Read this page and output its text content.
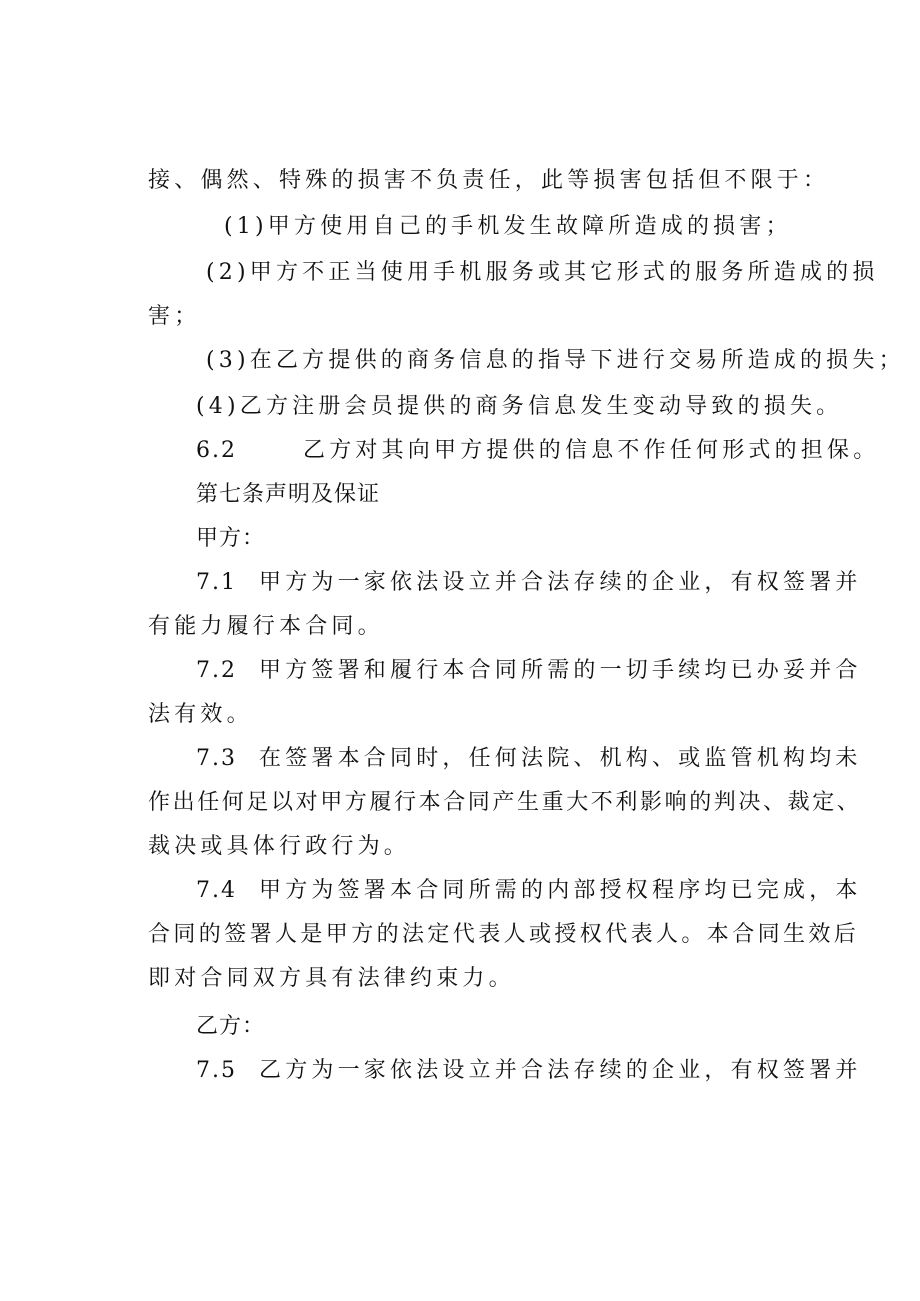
接、偶然、特殊的损害不负责任，此等损害包括但不限于：
(1)甲方使用自己的手机发生故障所造成的损害；
(2)甲方不正当使用手机服务或其它形式的服务所造成的损
害；
(3)在乙方提供的商务信息的指导下进行交易所造成的损失；
(4)乙方注册会员提供的商务信息发生变动导致的损失。
6.2	乙方对其向甲方提供的信息不作任何形式的担保。
第七条声明及保证
甲方：
7.1 甲方为一家依法设立并合法存续的企业，有权签署并
有能力履行本合同。
7.2 甲方签署和履行本合同所需的一切手续均已办妥并合
法有效。
7.3 在签署本合同时，任何法院、机构、或监管机构均未
作出任何足以对甲方履行本合同产生重大不利影响的判决、裁定、
裁决或具体行政行为。
7.4 甲方为签署本合同所需的内部授权程序均已完成，本
合同的签署人是甲方的法定代表人或授权代表人。本合同生效后
即对合同双方具有法律约束力。
乙方：
7.5 乙方为一家依法设立并合法存续的企业，有权签署并
